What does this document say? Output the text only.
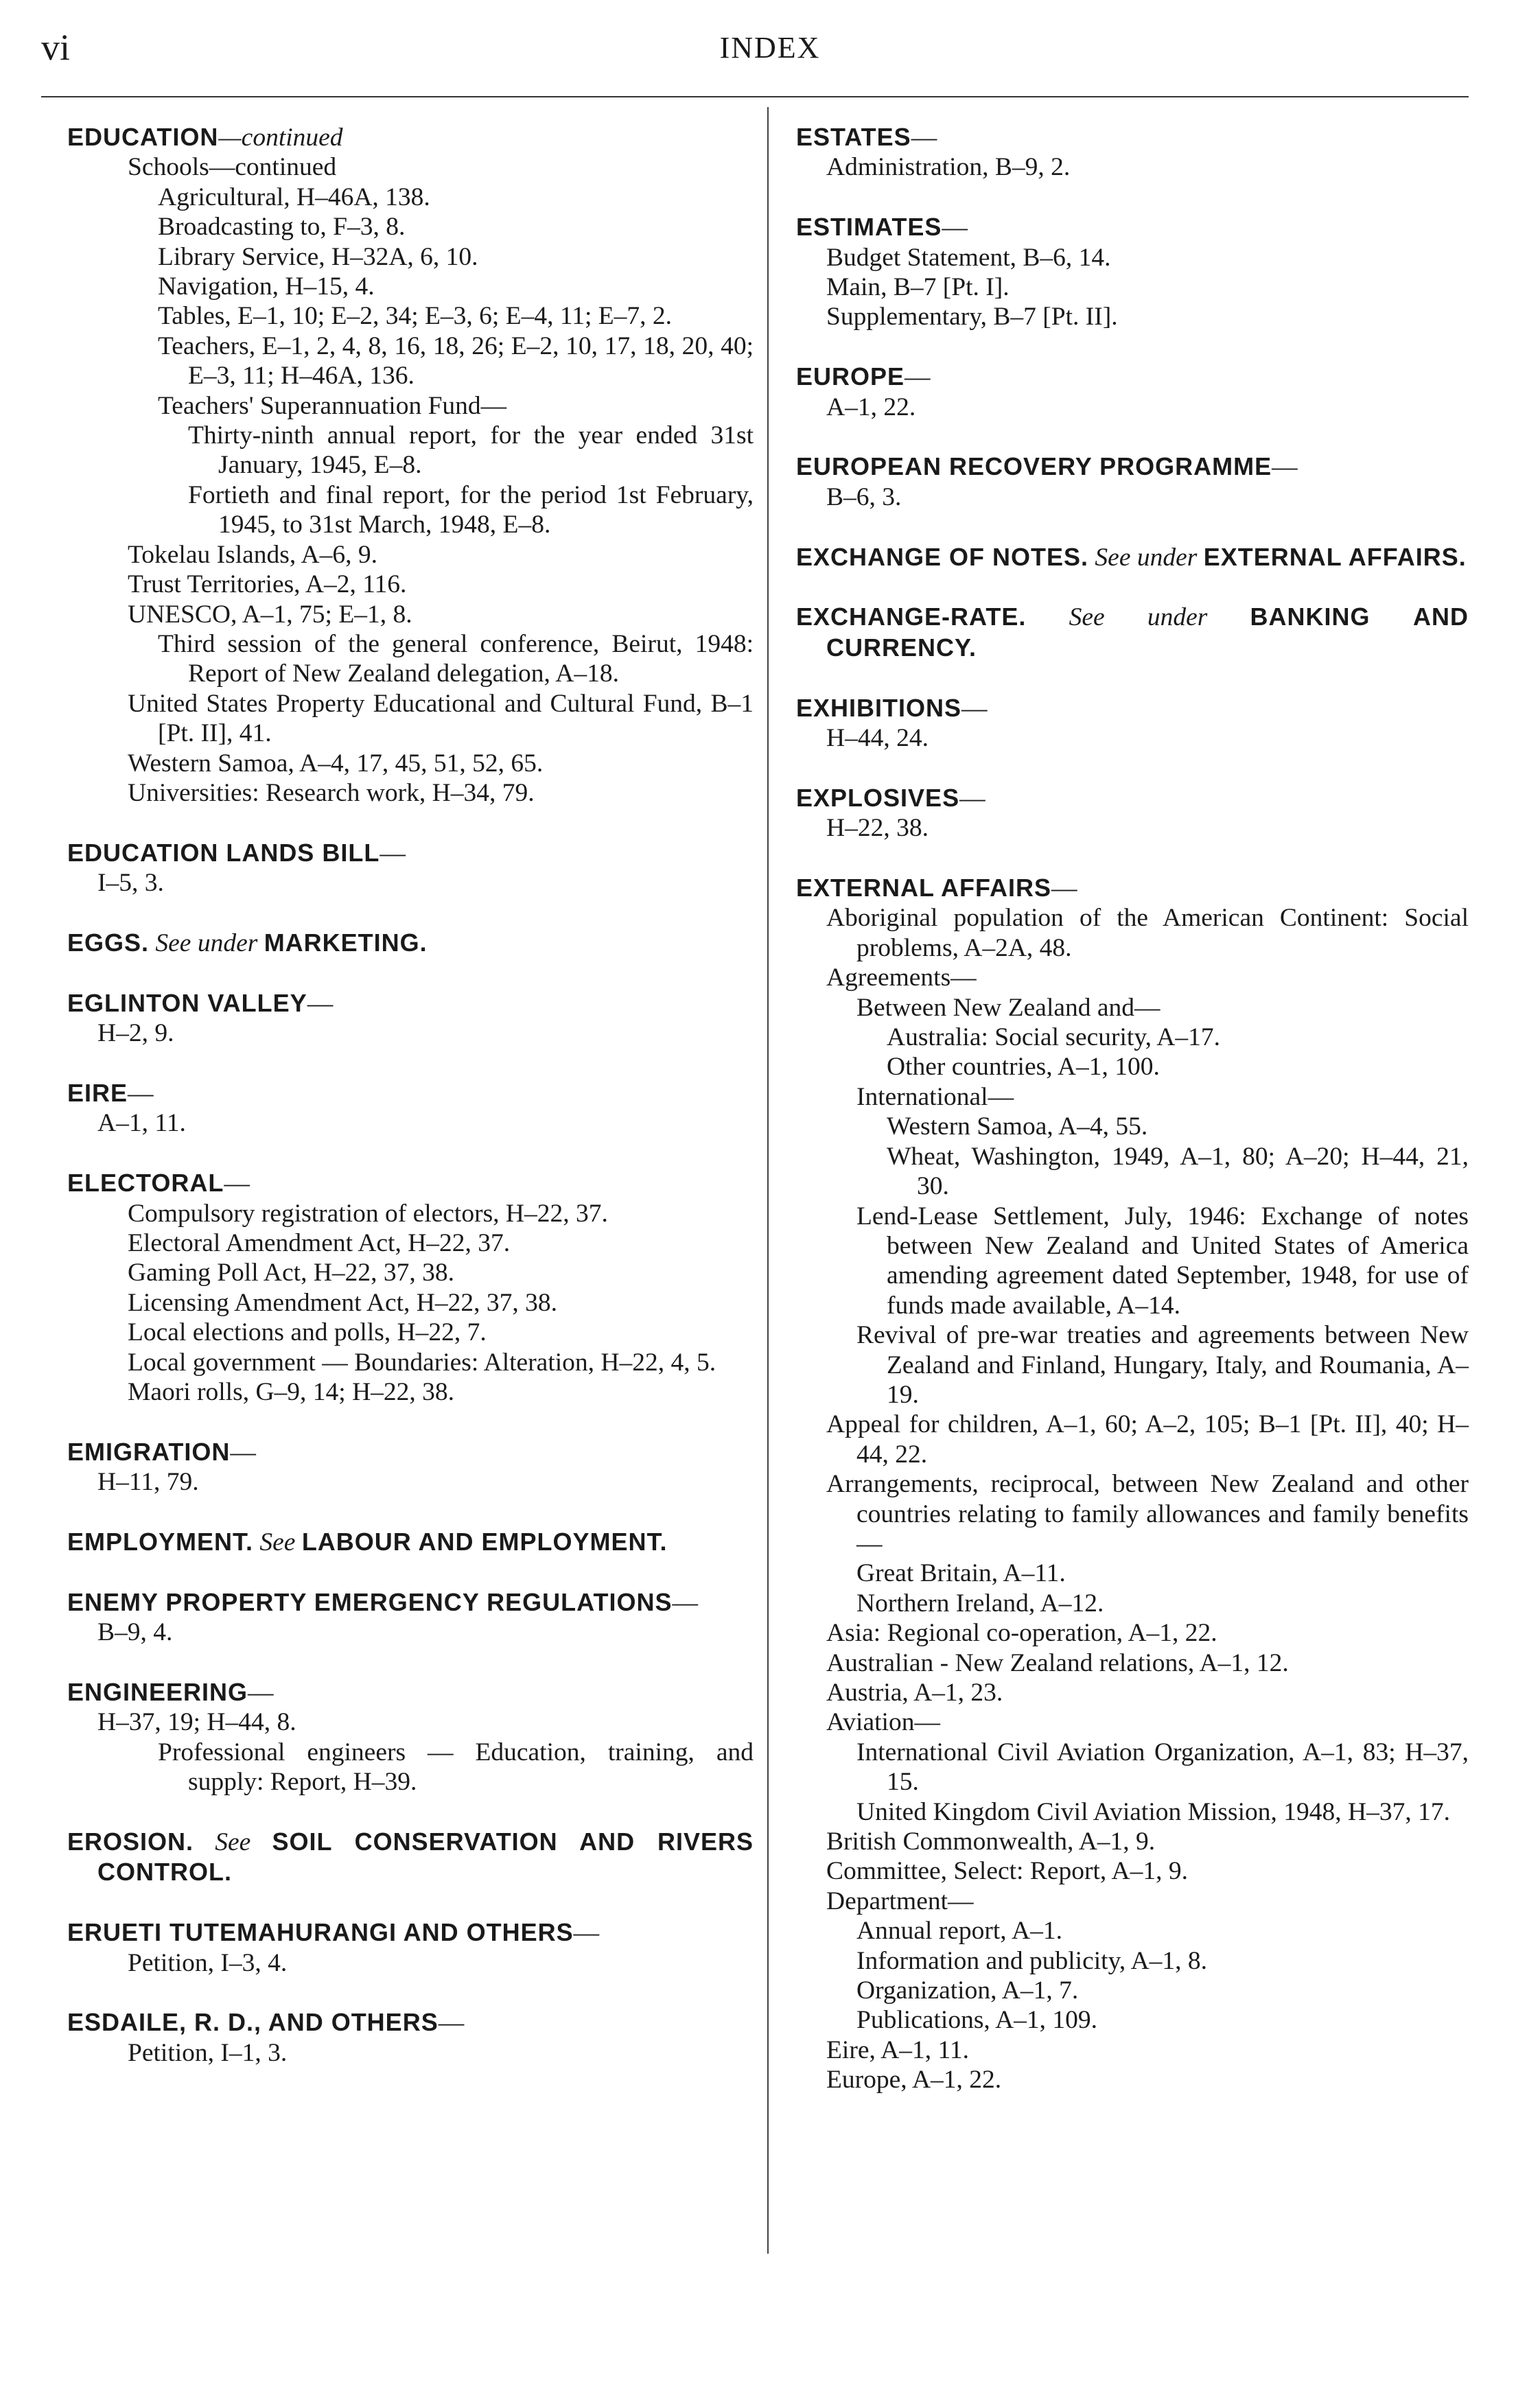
vi	INDEX
EDUCATION—continued
Schools—continued
Agricultural, H–46A, 138.
Broadcasting to, F–3, 8.
Library Service, H–32A, 6, 10.
Navigation, H–15, 4.
Tables, E–1, 10; E–2, 34; E–3, 6; E–4, 11; E–7, 2.
Teachers, E–1, 2, 4, 8, 16, 18, 26; E–2, 10, 17, 18, 20, 40; E–3, 11; H–46A, 136.
Teachers' Superannuation Fund—
Thirty-ninth annual report, for the year ended 31st January, 1945, E–8.
Fortieth and final report, for the period 1st February, 1945, to 31st March, 1948, E–8.
Tokelau Islands, A–6, 9.
Trust Territories, A–2, 116.
UNESCO, A–1, 75; E–1, 8.
Third session of the general conference, Beirut, 1948: Report of New Zealand delegation, A–18.
United States Property Educational and Cultural Fund, B–1 [Pt. II], 41.
Western Samoa, A–4, 17, 45, 51, 52, 65.
Universities: Research work, H–34, 79.
EDUCATION LANDS BILL—
I–5, 3.
EGGS. See under MARKETING.
EGLINTON VALLEY—
H–2, 9.
EIRE—
A–1, 11.
ELECTORAL—
Compulsory registration of electors, H–22, 37.
Electoral Amendment Act, H–22, 37.
Gaming Poll Act, H–22, 37, 38.
Licensing Amendment Act, H–22, 37, 38.
Local elections and polls, H–22, 7.
Local government — Boundaries: Alteration, H–22, 4, 5.
Maori rolls, G–9, 14; H–22, 38.
EMIGRATION—
H–11, 79.
EMPLOYMENT. See LABOUR AND EMPLOYMENT.
ENEMY PROPERTY EMERGENCY REGULATIONS—
B–9, 4.
ENGINEERING—
H–37, 19; H–44, 8.
Professional engineers — Education, training, and supply: Report, H–39.
EROSION. See SOIL CONSERVATION AND RIVERS CONTROL.
ERUETI TUTEMAHURANGI AND OTHERS—
Petition, I–3, 4.
ESDAILE, R. D., AND OTHERS—
Petition, I–1, 3.
ESTATES—
Administration, B–9, 2.
ESTIMATES—
Budget Statement, B–6, 14.
Main, B–7 [Pt. I].
Supplementary, B–7 [Pt. II].
EUROPE—
A–1, 22.
EUROPEAN RECOVERY PROGRAMME—
B–6, 3.
EXCHANGE OF NOTES. See under EXTERNAL AFFAIRS.
EXCHANGE-RATE. See under BANKING AND CURRENCY.
EXHIBITIONS—
H–44, 24.
EXPLOSIVES—
H–22, 38.
EXTERNAL AFFAIRS—
Aboriginal population of the American Continent: Social problems, A–2A, 48.
Agreements—
Between New Zealand and—
Australia: Social security, A–17.
Other countries, A–1, 100.
International—
Western Samoa, A–4, 55.
Wheat, Washington, 1949, A–1, 80; A–20; H–44, 21, 30.
Lend-Lease Settlement, July, 1946: Exchange of notes between New Zealand and United States of America amending agreement dated September, 1948, for use of funds made available, A–14.
Revival of pre-war treaties and agreements between New Zealand and Finland, Hungary, Italy, and Roumania, A–19.
Appeal for children, A–1, 60; A–2, 105; B–1 [Pt. II], 40; H–44, 22.
Arrangements, reciprocal, between New Zealand and other countries relating to family allowances and family benefits—
Great Britain, A–11.
Northern Ireland, A–12.
Asia: Regional co-operation, A–1, 22.
Australian - New Zealand relations, A–1, 12.
Austria, A–1, 23.
Aviation—
International Civil Aviation Organization, A–1, 83; H–37, 15.
United Kingdom Civil Aviation Mission, 1948, H–37, 17.
British Commonwealth, A–1, 9.
Committee, Select: Report, A–1, 9.
Department—
Annual report, A–1.
Information and publicity, A–1, 8.
Organization, A–1, 7.
Publications, A–1, 109.
Eire, A–1, 11.
Europe, A–1, 22.
